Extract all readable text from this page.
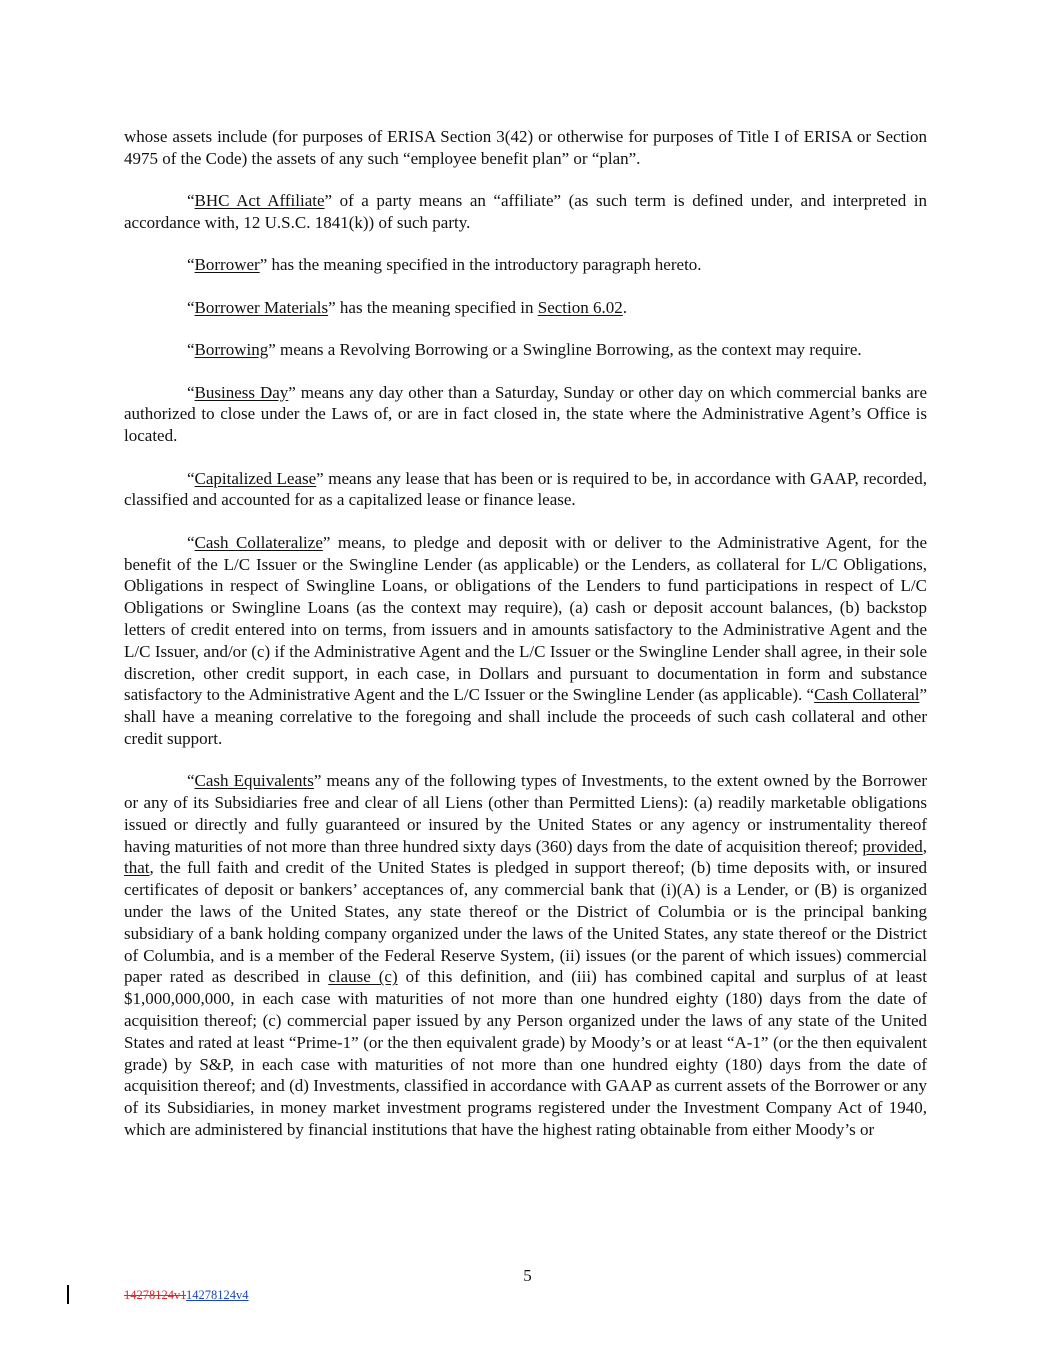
whose assets include (for purposes of ERISA Section 3(42) or otherwise for purposes of Title I of ERISA or Section 4975 of the Code) the assets of any such “employee benefit plan” or “plan”.

“BHC Act Affiliate” of a party means an “affiliate” (as such term is defined under, and interpreted in accordance with, 12 U.S.C. 1841(k)) of such party.

“Borrower” has the meaning specified in the introductory paragraph hereto.

“Borrower Materials” has the meaning specified in Section 6.02.

“Borrowing” means a Revolving Borrowing or a Swingline Borrowing, as the context may require.

“Business Day” means any day other than a Saturday, Sunday or other day on which commercial banks are authorized to close under the Laws of, or are in fact closed in, the state where the Administrative Agent’s Office is located.

“Capitalized Lease” means any lease that has been or is required to be, in accordance with GAAP, recorded, classified and accounted for as a capitalized lease or finance lease.

“Cash Collateralize” means, to pledge and deposit with or deliver to the Administrative Agent, for the benefit of the L/C Issuer or the Swingline Lender (as applicable) or the Lenders, as collateral for L/C Obligations, Obligations in respect of Swingline Loans, or obligations of the Lenders to fund participations in respect of L/C Obligations or Swingline Loans (as the context may require), (a) cash or deposit account balances, (b) backstop letters of credit entered into on terms, from issuers and in amounts satisfactory to the Administrative Agent and the L/C Issuer, and/or (c) if the Administrative Agent and the L/C Issuer or the Swingline Lender shall agree, in their sole discretion, other credit support, in each case, in Dollars and pursuant to documentation in form and substance satisfactory to the Administrative Agent and the L/C Issuer or the Swingline Lender (as applicable). “Cash Collateral” shall have a meaning correlative to the foregoing and shall include the proceeds of such cash collateral and other credit support.

“Cash Equivalents” means any of the following types of Investments, to the extent owned by the Borrower or any of its Subsidiaries free and clear of all Liens (other than Permitted Liens): (a) readily marketable obligations issued or directly and fully guaranteed or insured by the United States or any agency or instrumentality thereof having maturities of not more than three hundred sixty days (360) days from the date of acquisition thereof; provided, that, the full faith and credit of the United States is pledged in support thereof; (b) time deposits with, or insured certificates of deposit or bankers’ acceptances of, any commercial bank that (i)(A) is a Lender, or (B) is organized under the laws of the United States, any state thereof or the District of Columbia or is the principal banking subsidiary of a bank holding company organized under the laws of the United States, any state thereof or the District of Columbia, and is a member of the Federal Reserve System, (ii) issues (or the parent of which issues) commercial paper rated as described in clause (c) of this definition, and (iii) has combined capital and surplus of at least $1,000,000,000, in each case with maturities of not more than one hundred eighty (180) days from the date of acquisition thereof; (c) commercial paper issued by any Person organized under the laws of any state of the United States and rated at least “Prime-1” (or the then equivalent grade) by Moody’s or at least “A-1” (or the then equivalent grade) by S&P, in each case with maturities of not more than one hundred eighty (180) days from the date of acquisition thereof; and (d) Investments, classified in accordance with GAAP as current assets of the Borrower or any of its Subsidiaries, in money market investment programs registered under the Investment Company Act of 1940, which are administered by financial institutions that have the highest rating obtainable from either Moody’s or

5
14278124v114278124v4
